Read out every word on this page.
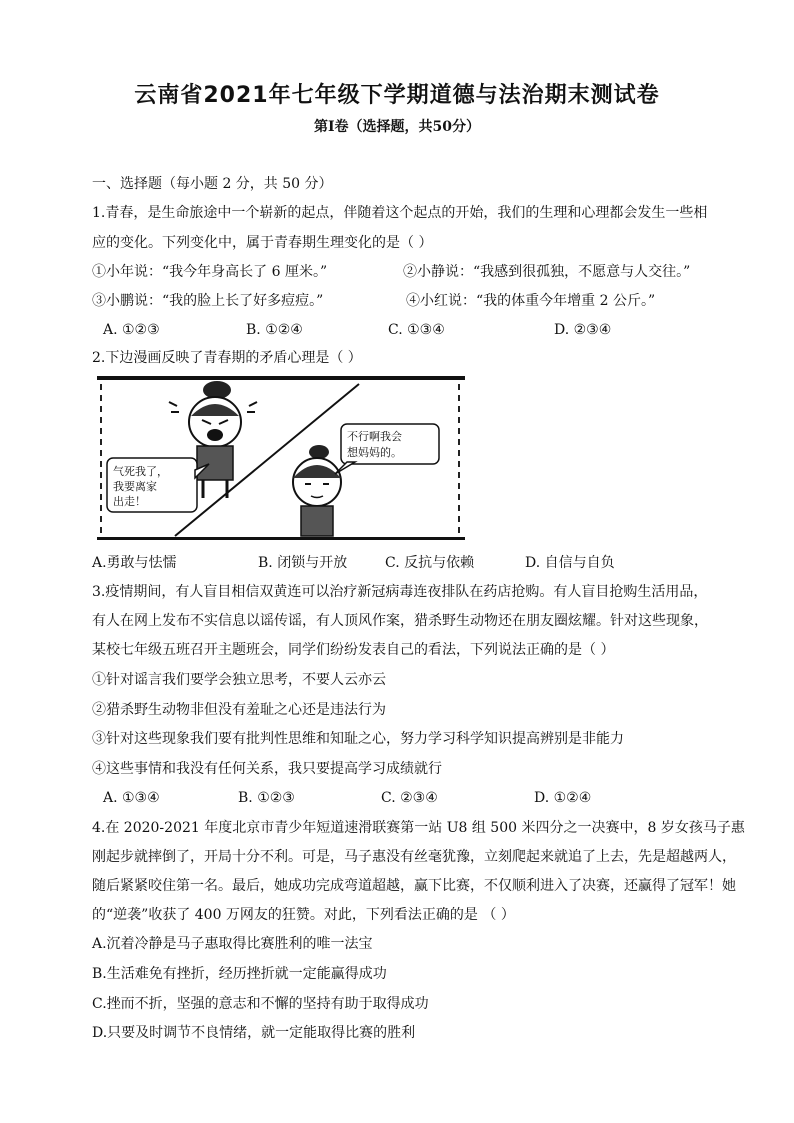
云南省2021年七年级下学期道德与法治期末测试卷
第Ⅰ卷（选择题，共50分）
一、选择题（每小题 2 分，共 50 分）
1.青春，是生命旅途中一个崭新的起点，伴随着这个起点的开始，我们的生理和心理都会发生一些相
应的变化。下列变化中，属于青春期生理变化的是（ ）
①小年说：“我今年身高长了 6 厘米。”	②小静说：“我感到很孤独，不愿意与人交往。”
③小鹏说：“我的脸上长了好多痘痘。”	④小红说：“我的体重今年增重 2 公斤。”
A. ①②③	B. ①②④	C. ①③④	D. ②③④
2.下边漫画反映了青春期的矛盾心理是（ ）
气死我了，
我要离家
出走！
不行啊我会
想妈妈的。
A.勇敢与怯懦	B. 闭锁与开放	C. 反抗与依赖	D. 自信与自负
3.疫情期间，有人盲目相信双黄连可以治疗新冠病毒连夜排队在药店抢购。有人盲目抢购生活用品，
有人在网上发布不实信息以谣传谣，有人顶风作案，猎杀野生动物还在朋友圈炫耀。针对这些现象，
某校七年级五班召开主题班会，同学们纷纷发表自己的看法，下列说法正确的是（ ）
①针对谣言我们要学会独立思考，不要人云亦云
②猎杀野生动物非但没有羞耻之心还是违法行为
③针对这些现象我们要有批判性思维和知耻之心，努力学习科学知识提高辨别是非能力
④这些事情和我没有任何关系，我只要提高学习成绩就行
A. ①③④	B. ①②③	C. ②③④	D. ①②④
4.在 2020-2021 年度北京市青少年短道速滑联赛第一站 U8 组 500 米四分之一决赛中，8 岁女孩马子惠
刚起步就摔倒了，开局十分不利。可是，马子惠没有丝毫犹豫，立刻爬起来就追了上去，先是超越两人，
随后紧紧咬住第一名。最后，她成功完成弯道超越，赢下比赛，不仅顺利进入了决赛，还赢得了冠军！她
的“逆袭”收获了 400 万网友的狂赞。对此，下列看法正确的是 （ ）
A.沉着冷静是马子惠取得比赛胜利的唯一法宝
B.生活难免有挫折，经历挫折就一定能赢得成功
C.挫而不折，坚强的意志和不懈的坚持有助于取得成功
D.只要及时调节不良情绪，就一定能取得比赛的胜利
